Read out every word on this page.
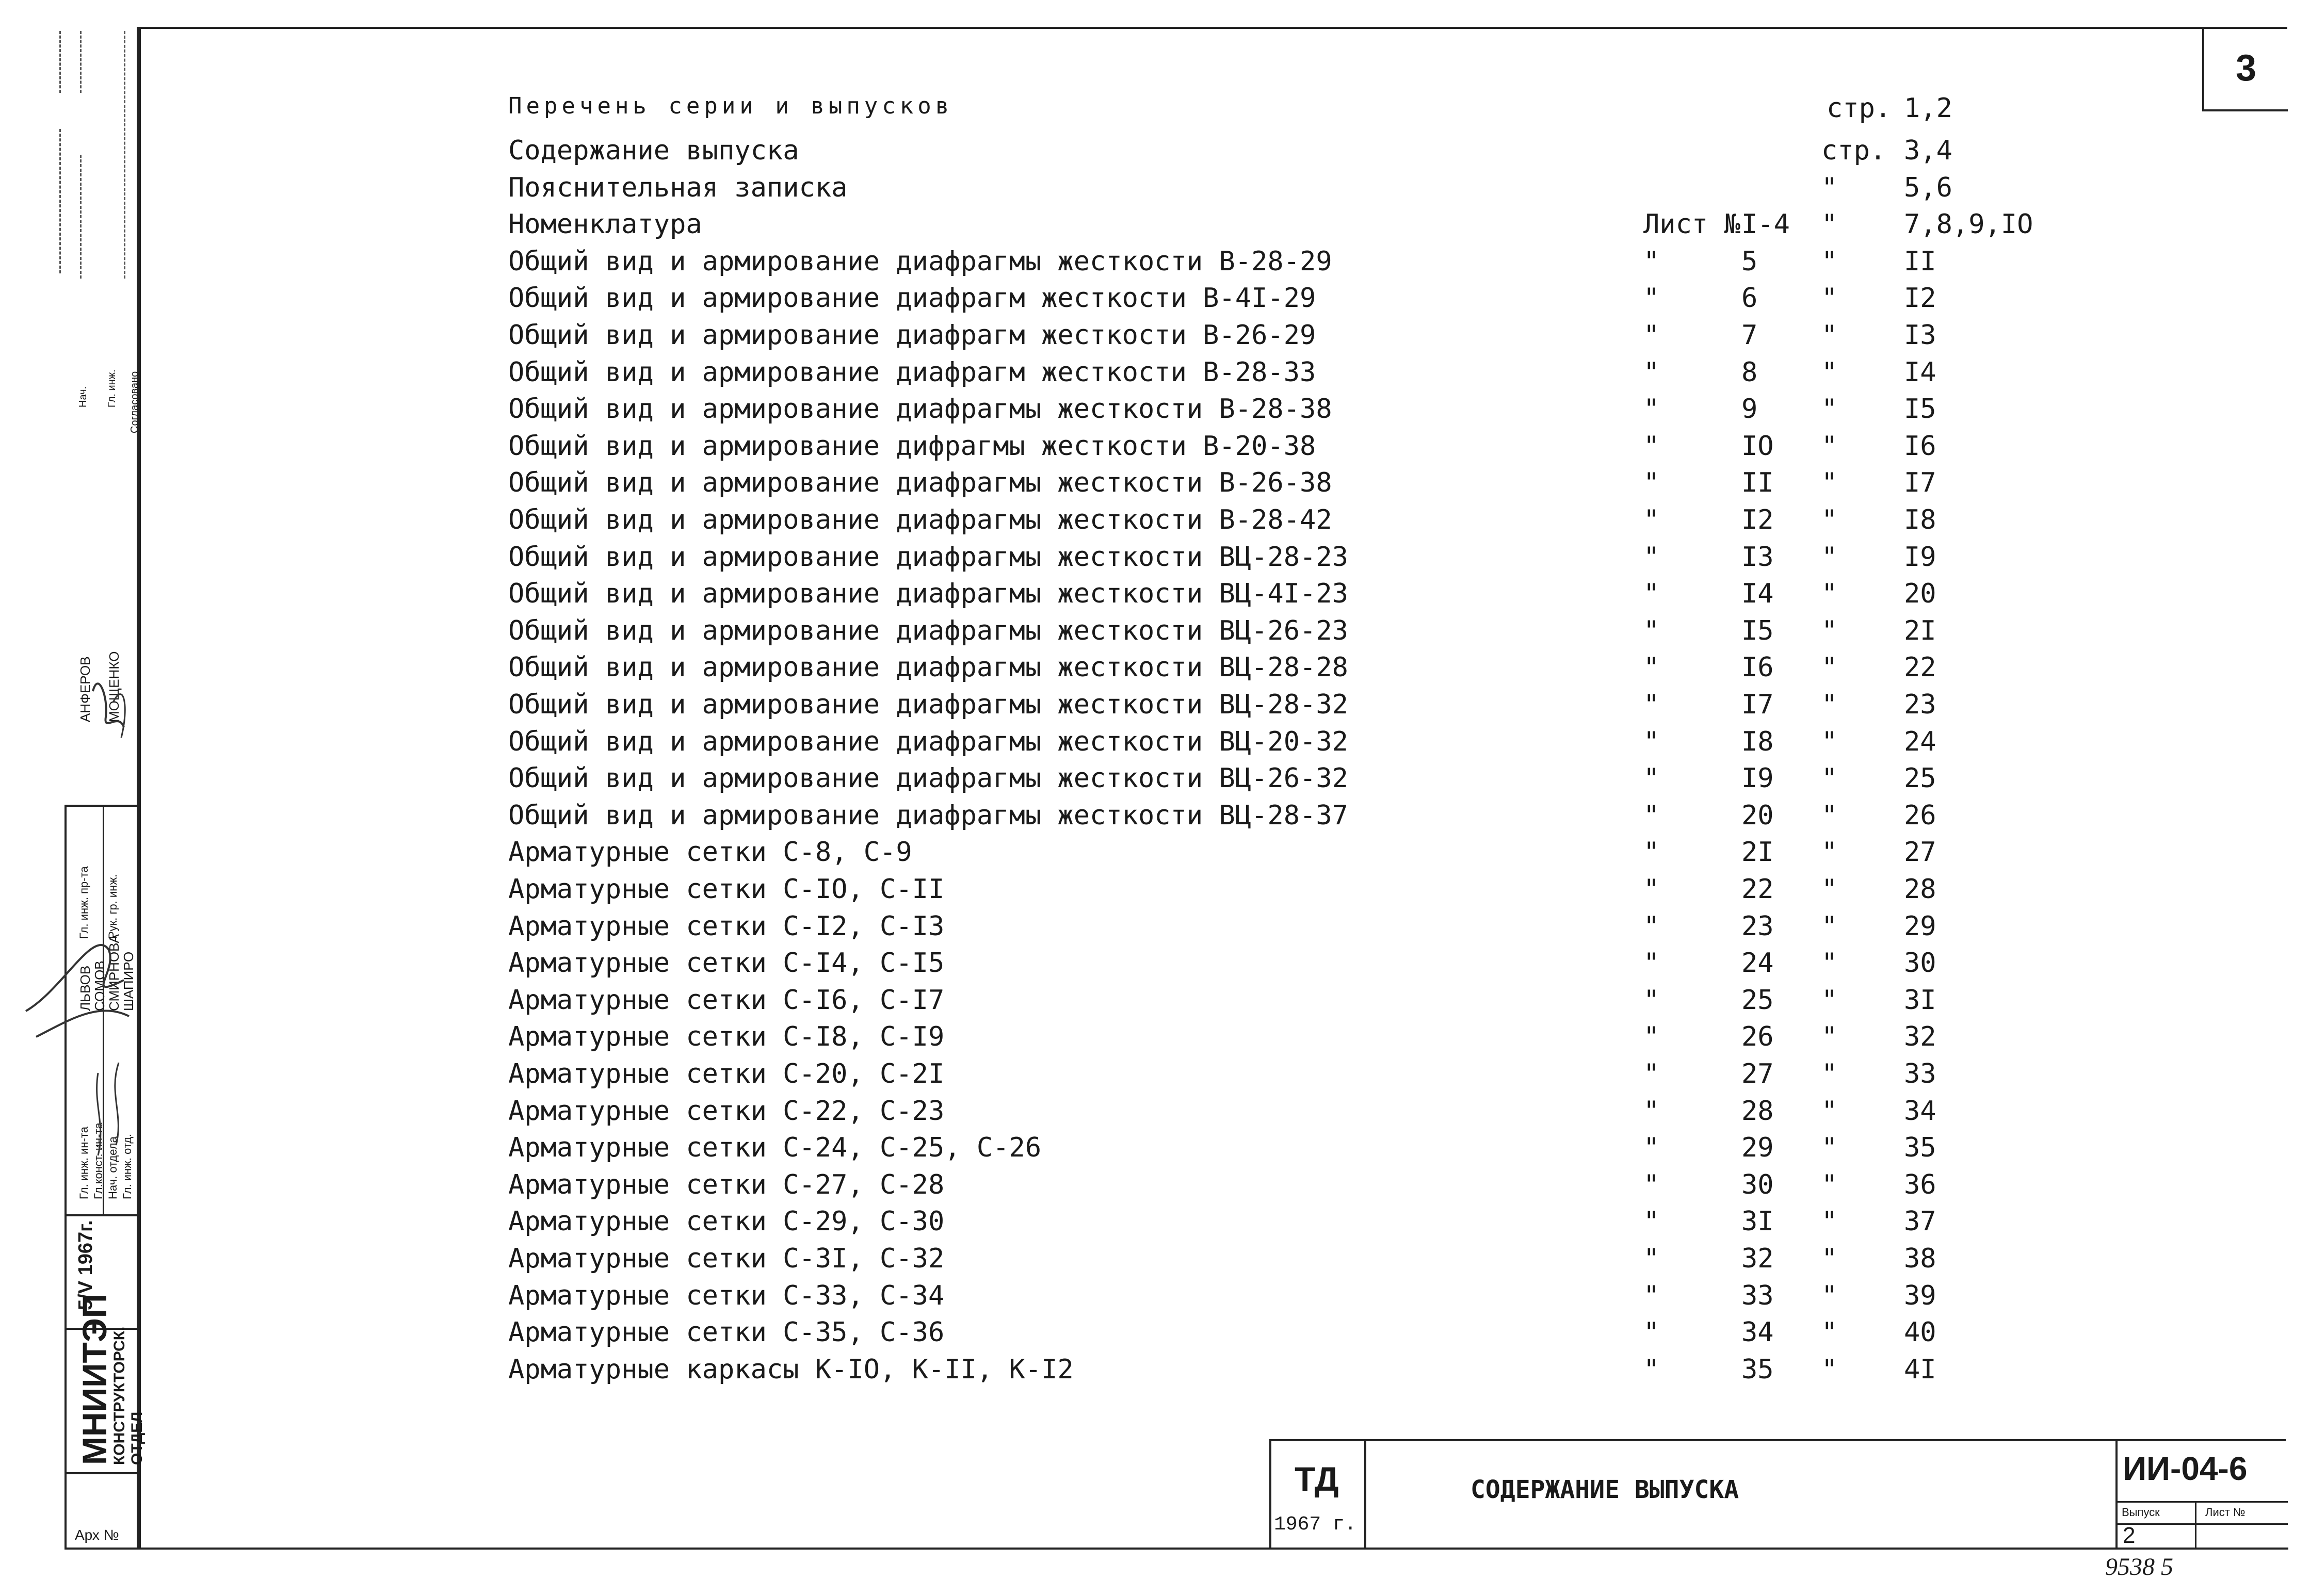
3
Перечень серии и выпусков	стр. 1,2
Содержание выпуска	стр. 3,4
Пояснительная записка	"	5,6
Номенклатура	Лист № I-4 "	7,8,9,IO
Общий вид и армирование диафрагмы жесткости В-28-29	"	5 "	II
Общий вид и армирование диафрагм жесткости В-4I-29	"	6 "	I2
Общий вид и армирование диафрагм жесткости В-26-29	"	7 "	I3
Общий вид и армирование диафрагм жесткости В-28-33	"	8 "	I4
Общий вид и армирование диафрагмы жесткости В-28-38	"	9 "	I5
Общий вид и армирование дифрагмы жесткости В-20-38	"	IO "	I6
Общий вид и армирование диафрагмы жесткости В-26-38	"	II "	I7
Общий вид и армирование диафрагмы жесткости В-28-42	"	I2 "	I8
Общий вид и армирование диафрагмы жесткости ВЦ-28-23	"	I3 "	I9
Общий вид и армирование диафрагмы жесткости ВЦ-4I-23	"	I4 "	20
Общий вид и армирование диафрагмы жесткости ВЦ-26-23	"	I5 "	2I
Общий вид и армирование диафрагмы жесткости ВЦ-28-28	"	I6 "	22
Общий вид и армирование диафрагмы жесткости ВЦ-28-32	"	I7 "	23
Общий вид и армирование диафрагмы жесткости ВЦ-20-32	"	I8 "	24
Общий вид и армирование диафрагмы жесткости ВЦ-26-32	"	I9 "	25
Общий вид и армирование диафрагмы жесткости ВЦ-28-37	"	20 "	26
Арматурные сетки С-8, С-9	"	2I "	27
Арматурные сетки С-IO, С-II	"	22 "	28
Арматурные сетки С-I2, С-I3	"	23 "	29
Арматурные сетки С-I4, С-I5	"	24 "	30
Арматурные сетки С-I6, С-I7	"	25 "	3I
Арматурные сетки С-I8, С-I9	"	26 "	32
Арматурные сетки С-20, С-2I	"	27 "	33
Арматурные сетки С-22, С-23	"	28 "	34
Арматурные сетки С-24, С-25, С-26	"	29 "	35
Арматурные сетки С-27, С-28	"	30 "	36
Арматурные сетки С-29, С-30	"	3I "	37
Арматурные сетки С-3I, С-32	"	32 "	38
Арматурные сетки С-33, С-34	"	33 "	39
Арматурные сетки С-35, С-36	"	34 "	40
Арматурные каркасы К-IO, К-II, К-I2	"	35 "	4I
МНИИТЭП
КОНСТРУКТОРСК. ОТДЕЛ
5/V 1967г.
Арх №
Гл. инж. ин-та Гл.конст. ин-та Нач. отдела Гл. инж. отд.
Гл. инж. пр-та Рук. гр. инж.
ЛЬВОВ
СОМОВ
СМИРНОВА
ШАПИРО
АНФЕРОВ МОЩЕНКО
Нач. Гл. инж. Согласовано
ТД
1967 г.
СОДЕРЖАНИЕ ВЫПУСКА
ИИ-04-6
Выпуск	Лист №
2
9538 5
